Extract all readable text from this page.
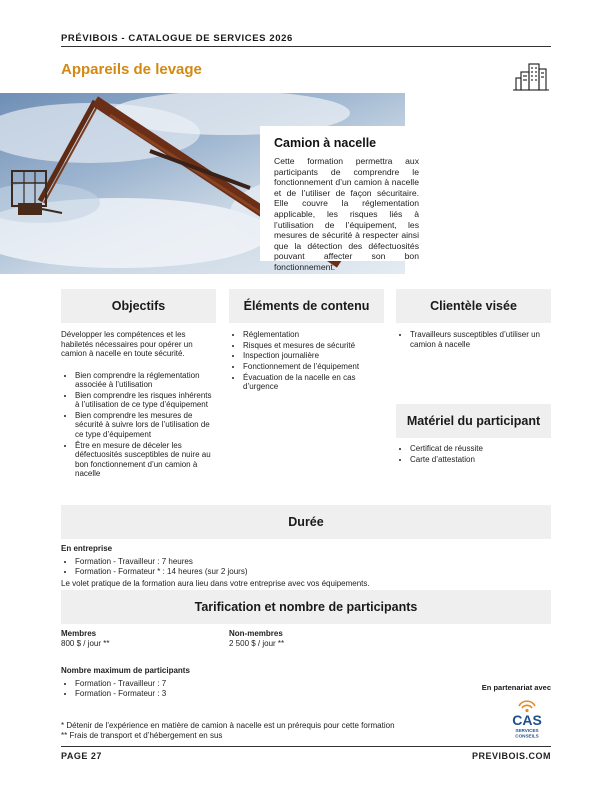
PRÉVIBOIS - CATALOGUE DE SERVICES 2026
Appareils de levage

Camion à nacelle

Cette formation permettra aux participants de comprendre le fonctionnement d’un camion à nacelle et de l’utiliser de façon sécuritaire. Elle couvre la réglementation applicable, les risques liés à l’utilisation de l’équipement, les mesures de sécurité à respecter ainsi que la détection des défectuosités pouvant affecter son bon fonctionnement.

Objectifs
Développer les compétences et les habiletés nécessaires pour opérer un camion à nacelle en toute sécurité.
• Bien comprendre la réglementation associée à l’utilisation
• Bien comprendre les risques inhérents à l’utilisation de ce type d’équipement
• Bien comprendre les mesures de sécurité à suivre lors de l’utilisation de ce type d’équipement
• Être en mesure de déceler les défectuosités susceptibles de nuire au bon fonctionnement d’un camion à nacelle
Éléments de contenu
• Réglementation
• Risques et mesures de sécurité
• Inspection journalière
• Fonctionnement de l’équipement
• Évacuation de la nacelle en cas d’urgence
Clientèle visée
• Travailleurs susceptibles d’utiliser un camion à nacelle
Matériel du participant
• Certificat de réussite
• Carte d’attestation
Durée
En entreprise
• Formation - Travailleur : 7 heures
• Formation - Formateur * : 14 heures (sur 2 jours)
Le volet pratique de la formation aura lieu dans votre entreprise avec vos équipements.
Tarification et nombre de participants
Membres
800 $ / jour **
Non-membres
2 500 $ / jour **
Nombre maximum de participants
• Formation - Travailleur : 7
• Formation - Formateur : 3
En partenariat avec
CAS
SERVICES
CONSEILS
* Détenir de l’expérience en matière de camion à nacelle est un prérequis pour cette formation
** Frais de transport et d’hébergement en sus
PAGE 27	PREVIBOIS.COM
